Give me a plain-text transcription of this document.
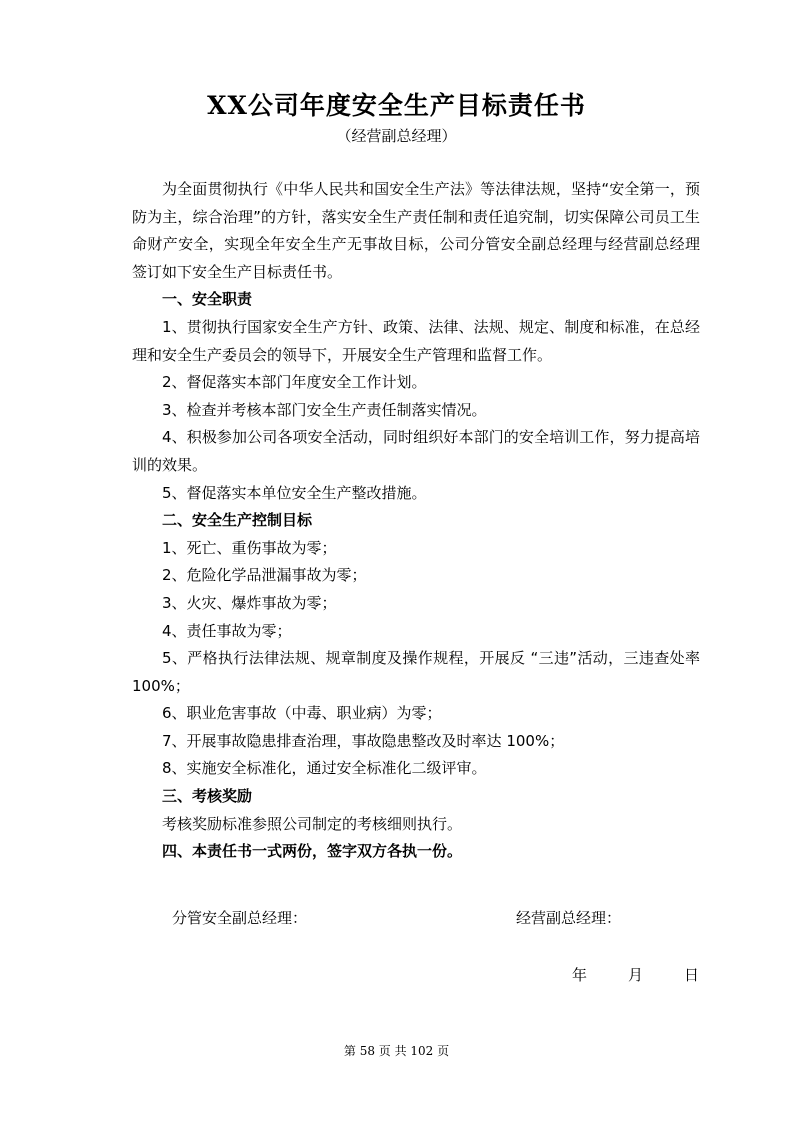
XX公司年度安全生产目标责任书
（经营副总经理）

为全面贯彻执行《中华人民共和国安全生产法》等法律法规，坚持“安全第一，预防为主，综合治理”的方针，落实安全生产责任制和责任追究制，切实保障公司员工生命财产安全，实现全年安全生产无事故目标，公司分管安全副总经理与经营副总经理签订如下安全生产目标责任书。

一、安全职责

1、贯彻执行国家安全生产方针、政策、法律、法规、规定、制度和标准，在总经理和安全生产委员会的领导下，开展安全生产管理和监督工作。

2、督促落实本部门年度安全工作计划。

3、检查并考核本部门安全生产责任制落实情况。

4、积极参加公司各项安全活动，同时组织好本部门的安全培训工作，努力提高培训的效果。

5、督促落实本单位安全生产整改措施。

二、安全生产控制目标

1、死亡、重伤事故为零；

2、危险化学品泄漏事故为零；

3、火灾、爆炸事故为零；

4、责任事故为零；

5、严格执行法律法规、规章制度及操作规程，开展反 “三违”活动，三违查处率 100%；

6、职业危害事故（中毒、职业病）为零；

7、开展事故隐患排查治理，事故隐患整改及时率达 100%；

8、实施安全标准化，通过安全标准化二级评审。

三、考核奖励

考核奖励标准参照公司制定的考核细则执行。

四、本责任书一式两份，签字双方各执一份。

分管安全副总经理：	经营副总经理：
年	月	日
第 58 页 共 102 页
